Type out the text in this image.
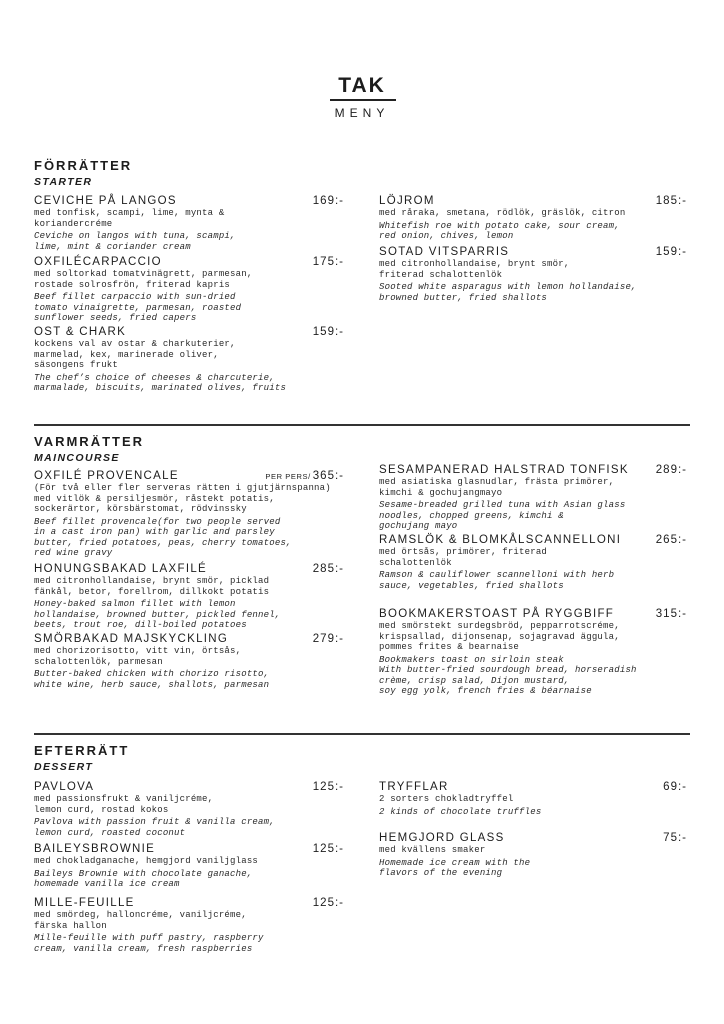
TAK
MENY
FÖRRÄTTER
STARTER
CEVICHE PÅ LANGOS	169:-
med tonfisk, scampi, lime, mynta &
koriandercréme
Ceviche on langos with tuna, scampi,
lime, mint & coriander cream
OXFILÉCARPACCIO	175:-
med soltorkad tomatvinägrett, parmesan,
rostade solrosfrön, friterad kapris
Beef fillet carpaccio with sun-dried
tomato vinaigrette, parmesan, roasted
sunflower seeds, fried capers
OST & CHARK	159:-
kockens val av ostar & charkuterier,
marmelad, kex, marinerade oliver,
säsongens frukt
The chef’s choice of cheeses & charcuterie,
marmalade, biscuits, marinated olives, fruits
LÖJROM	185:-
med råraka, smetana, rödlök, gräslök, citron
Whitefish roe with potato cake, sour cream,
red onion, chives, lemon
SOTAD VITSPARRIS	159:-
med citronhollandaise, brynt smör,
friterad schalottenlök
Sooted white asparagus with lemon hollandaise,
browned butter, fried shallots
VARMRÄTTER
MAINCOURSE
OXFILÉ PROVENCALE	PER PERS/ 365:-
(För två eller fler serveras rätten i gjutjärnspanna)
med vitlök & persiljesmör, råstekt potatis,
sockerärtor, körsbärstomat, rödvinssky
Beef fillet provencale(for two people served
in a cast iron pan) with garlic and parsley
butter, fried potatoes, peas, cherry tomatoes,
red wine gravy
HONUNGSBAKAD LAXFILÉ	285:-
med citronhollandaise, brynt smör, picklad
fänkål, betor, forellrom, dillkokt potatis
Honey-baked salmon fillet with lemon
hollandaise, browned butter, pickled fennel,
beets, trout roe, dill-boiled potatoes
SMÖRBAKAD MAJSKYCKLING	279:-
med chorizorisotto, vitt vin, örtsås,
schalottenlök, parmesan
Butter-baked chicken with chorizo risotto,
white wine, herb sauce, shallots, parmesan
SESAMPANERAD HALSTRAD TONFISK 289:-
med asiatiska glasnudlar, frästa primörer,
kimchi & gochujangmayo
Sesame-breaded grilled tuna with Asian glass
noodles, chopped greens, kimchi &
gochujang mayo
RAMSLÖK & BLOMKÅLSCANNELLONI	265:-
med örtsås, primörer, friterad
schalottenlök
Ramson & cauliflower scannelloni with herb
sauce, vegetables, fried shallots
BOOKMAKERSTOAST PÅ RYGGBIFF	315:-
med smörstekt surdegsbröd, pepparrotscréme,
krispsallad, dijonsenap, sojagravad äggula,
pommes frites & bearnaise
Bookmakers toast on sirloin steak
With butter-fried sourdough bread, horseradish
crème, crisp salad, Dijon mustard,
soy egg yolk, french fries & béarnaise
EFTERRÄTT
DESSERT
PAVLOVA	125:-
med passionsfrukt & vaniljcréme,
lemon curd, rostad kokos
Pavlova with passion fruit & vanilla cream,
lemon curd, roasted coconut
BAILEYSBROWNIE	125:-
med chokladganache, hemgjord vaniljglass
Baileys Brownie with chocolate ganache,
homemade vanilla ice cream
MILLE-FEUILLE	125:-
med smördeg, halloncréme, vaniljcréme,
färska hallon
Mille-feuille with puff pastry, raspberry
cream, vanilla cream, fresh raspberries
TRYFFLAR	69:-
2 sorters chokladtryffel
2 kinds of chocolate truffles
HEMGJORD GLASS	75:-
med kvällens smaker
Homemade ice cream with the
flavors of the evening
